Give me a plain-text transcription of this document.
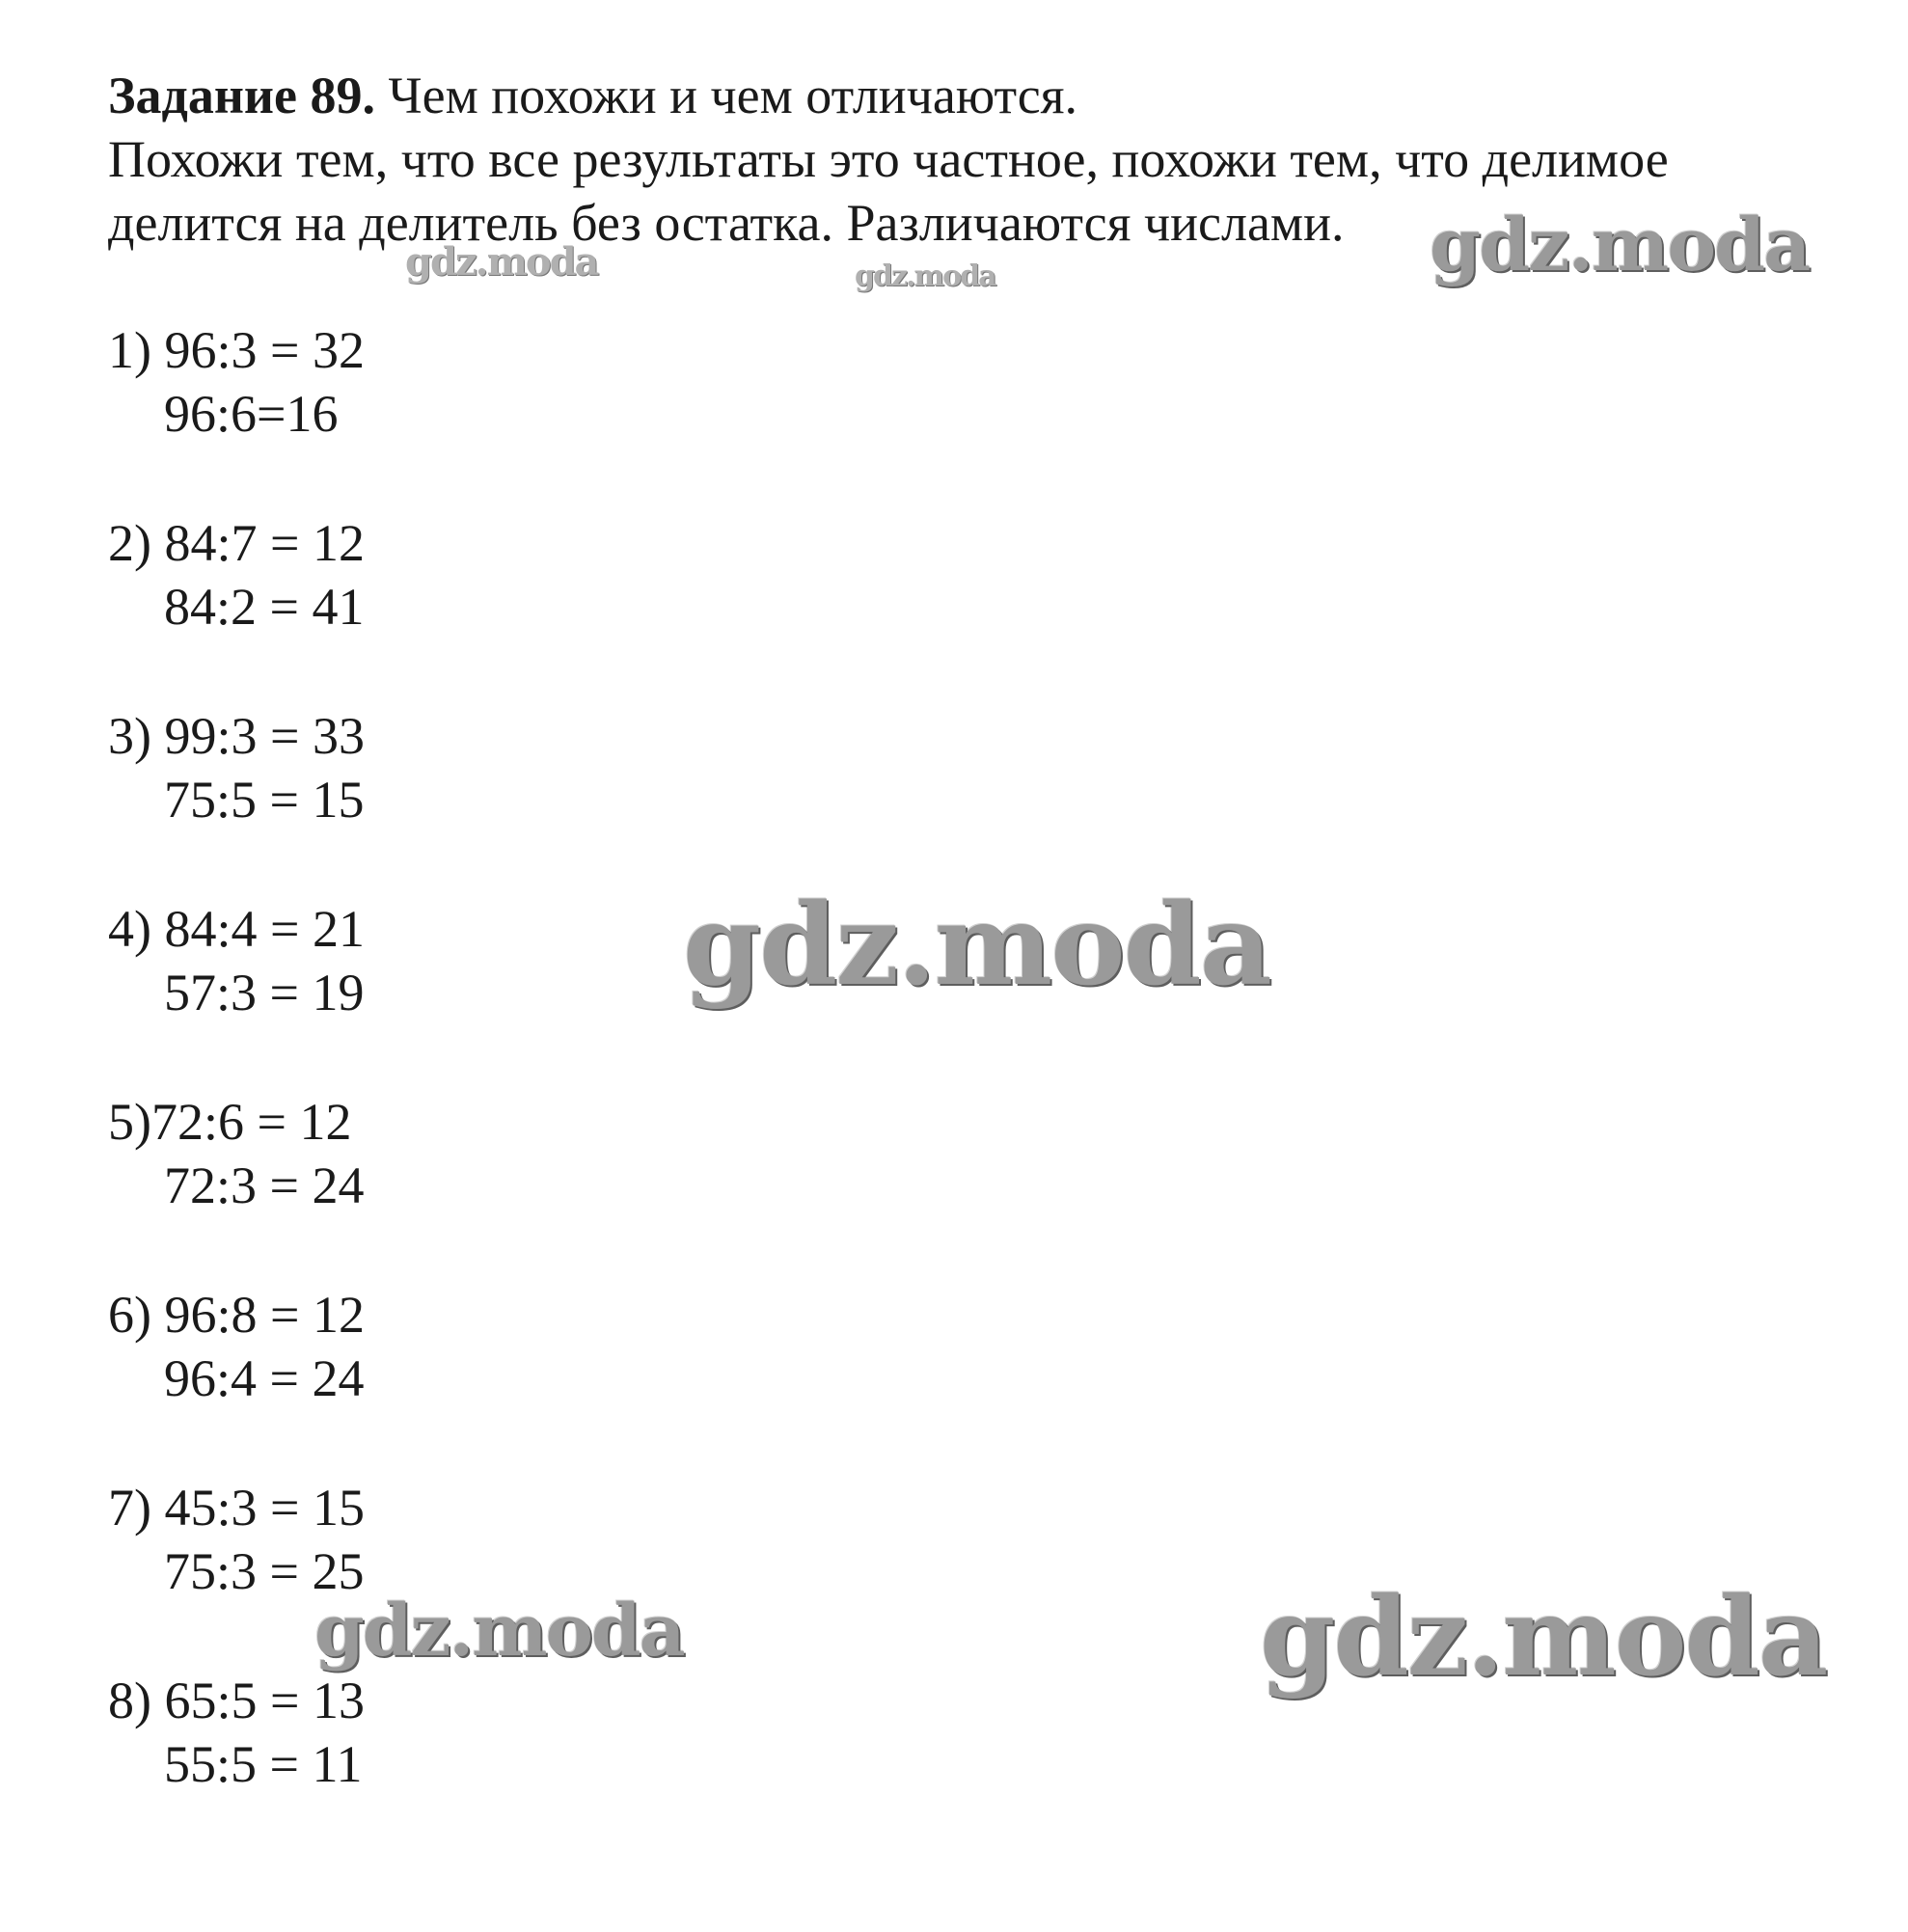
Задание 89. Чем похожи и чем отличаются.
Похожи тем, что все результаты это частное, похожи тем, что делимое
делится на делитель без остатка. Различаются числами.
1) 96:3 = 32
96:6=16
2) 84:7 = 12
84:2 = 41
3) 99:3 = 33
75:5 = 15
4) 84:4 = 21
57:3 = 19
5)72:6 = 12
72:3 = 24
6) 96:8 = 12
96:4 = 24
7) 45:3 = 15
75:3 = 25
8) 65:5 = 13
55:5 = 11
gdz.moda
gdz.moda	gdz.moda
gdz.moda
gdz.moda	gdz.moda
